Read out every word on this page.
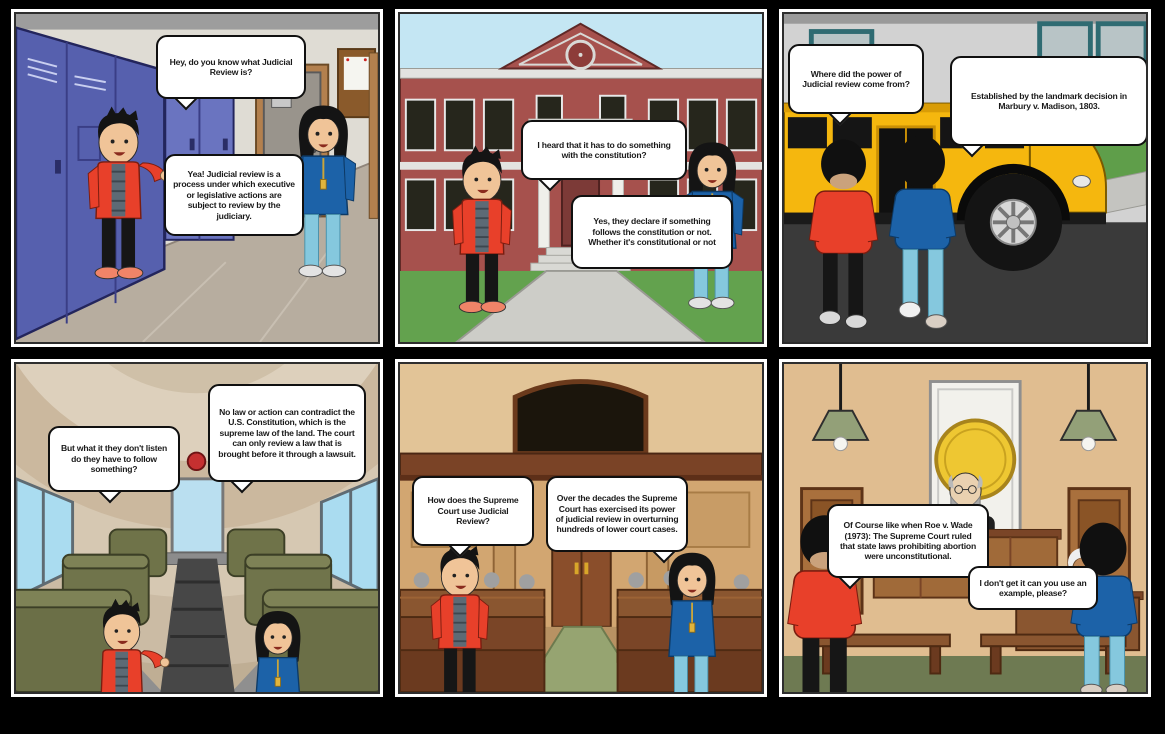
Hey, do you know what Judicial Review is?
Yea! Judicial review is a process under which executive or legislative actions are subject to review by the judiciary.
I heard that it has to do something with the constitution?
Yes, they declare if something follows the constitution or not. Whether it's constitutional or not
Where did the power of Judicial review come from?
Established by the landmark decision in Marbury v. Madison, 1803.
But what it they don't listen do they have to follow something?
No law or action can contradict the U.S. Constitution, which is the supreme law of the land. The court can only review a law that is brought before it through a lawsuit.
How does the Supreme Court use Judicial Review?
Over the decades the Supreme Court has exercised its power of judicial review in overturning hundreds of lower court cases.	Of Course like when Roe v. Wade (1973): The Supreme Court ruled that state laws prohibiting abortion were unconstitutional.
I don't get it can you use an example, please?
